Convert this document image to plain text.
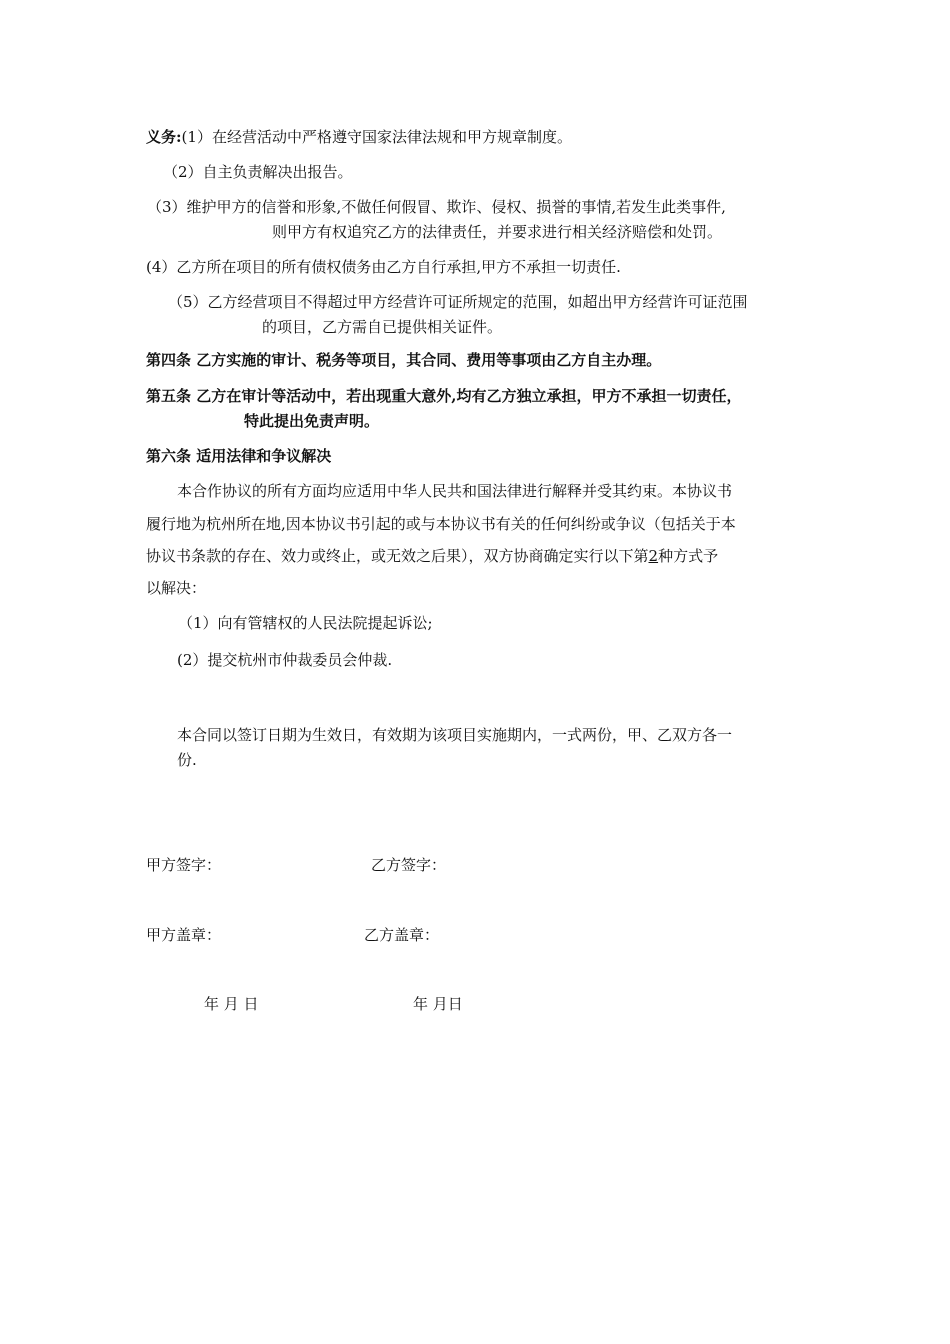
义务:(1）在经营活动中严格遵守国家法律法规和甲方规章制度。
（2）自主负责解决出报告。
（3）维护甲方的信誉和形象,不做任何假冒、欺诈、侵权、损誉的事情,若发生此类事件,
则甲方有权追究乙方的法律责任，并要求进行相关经济赔偿和处罚。
(4）乙方所在项目的所有债权债务由乙方自行承担,甲方不承担一切责任.
（5）乙方经营项目不得超过甲方经营许可证所规定的范围，如超出甲方经营许可证范围
的项目，乙方需自已提供相关证件。
第四条 乙方实施的审计、税务等项目，其合同、费用等事项由乙方自主办理。
第五条 乙方在审计等活动中，若出现重大意外,均有乙方独立承担，甲方不承担一切责任，
特此提出免责声明。
第六条 适用法律和争议解决
本合作协议的所有方面均应适用中华人民共和国法律进行解释并受其约束。本协议书
履行地为杭州所在地,因本协议书引起的或与本协议书有关的任何纠纷或争议（包括关于本
协议书条款的存在、效力或终止，或无效之后果），双方协商确定实行以下第2种方式予
以解决：
（1）向有管辖权的人民法院提起诉讼;
(2）提交杭州市仲裁委员会仲裁.
本合同以签订日期为生效日，有效期为该项目实施期内，一式两份，甲、乙双方各一
份.
甲方签字：	乙方签字：
甲方盖章：	乙方盖章：
年 月 日	年 月日
